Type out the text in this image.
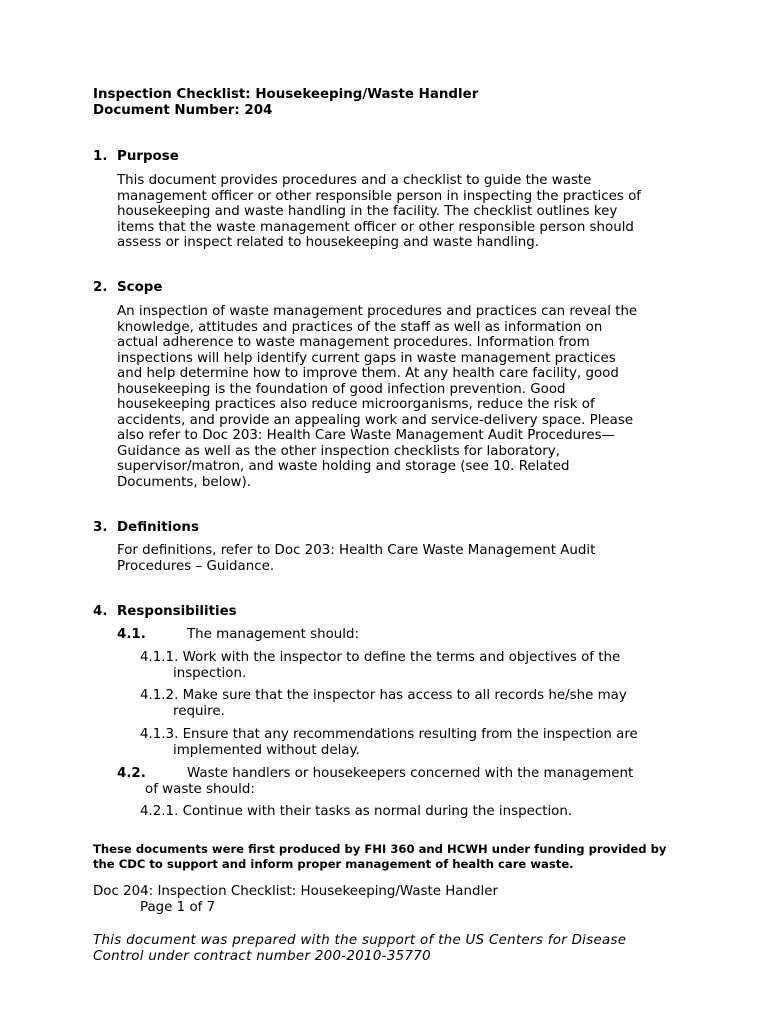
Inspection Checklist: Housekeeping/Waste Handler
Document Number: 204
1. Purpose
This document provides procedures and a checklist to guide the waste
management officer or other responsible person in inspecting the practices of
housekeeping and waste handling in the facility. The checklist outlines key
items that the waste management officer or other responsible person should
assess or inspect related to housekeeping and waste handling.
2. Scope
An inspection of waste management procedures and practices can reveal the
knowledge, attitudes and practices of the staff as well as information on
actual adherence to waste management procedures. Information from
inspections will help identify current gaps in waste management practices
and help determine how to improve them. At any health care facility, good
housekeeping is the foundation of good infection prevention. Good
housekeeping practices also reduce microorganisms, reduce the risk of
accidents, and provide an appealing work and service-delivery space. Please
also refer to Doc 203: Health Care Waste Management Audit Procedures—
Guidance as well as the other inspection checklists for laboratory,
supervisor/matron, and waste holding and storage (see 10. Related
Documents, below).
3. Definitions
For definitions, refer to Doc 203: Health Care Waste Management Audit
Procedures – Guidance.
4. Responsibilities
4.1.	The management should:
4.1.1. Work with the inspector to define the terms and objectives of the
inspection.
4.1.2. Make sure that the inspector has access to all records he/she may
require.
4.1.3. Ensure that any recommendations resulting from the inspection are
implemented without delay.
4.2.	Waste handlers or housekeepers concerned with the management
of waste should:
4.2.1. Continue with their tasks as normal during the inspection.
These documents were first produced by FHI 360 and HCWH under funding provided by
the CDC to support and inform proper management of health care waste.
Doc 204: Inspection Checklist: Housekeeping/Waste Handler
Page 1 of 7
This document was prepared with the support of the US Centers for Disease
Control under contract number 200-2010-35770
